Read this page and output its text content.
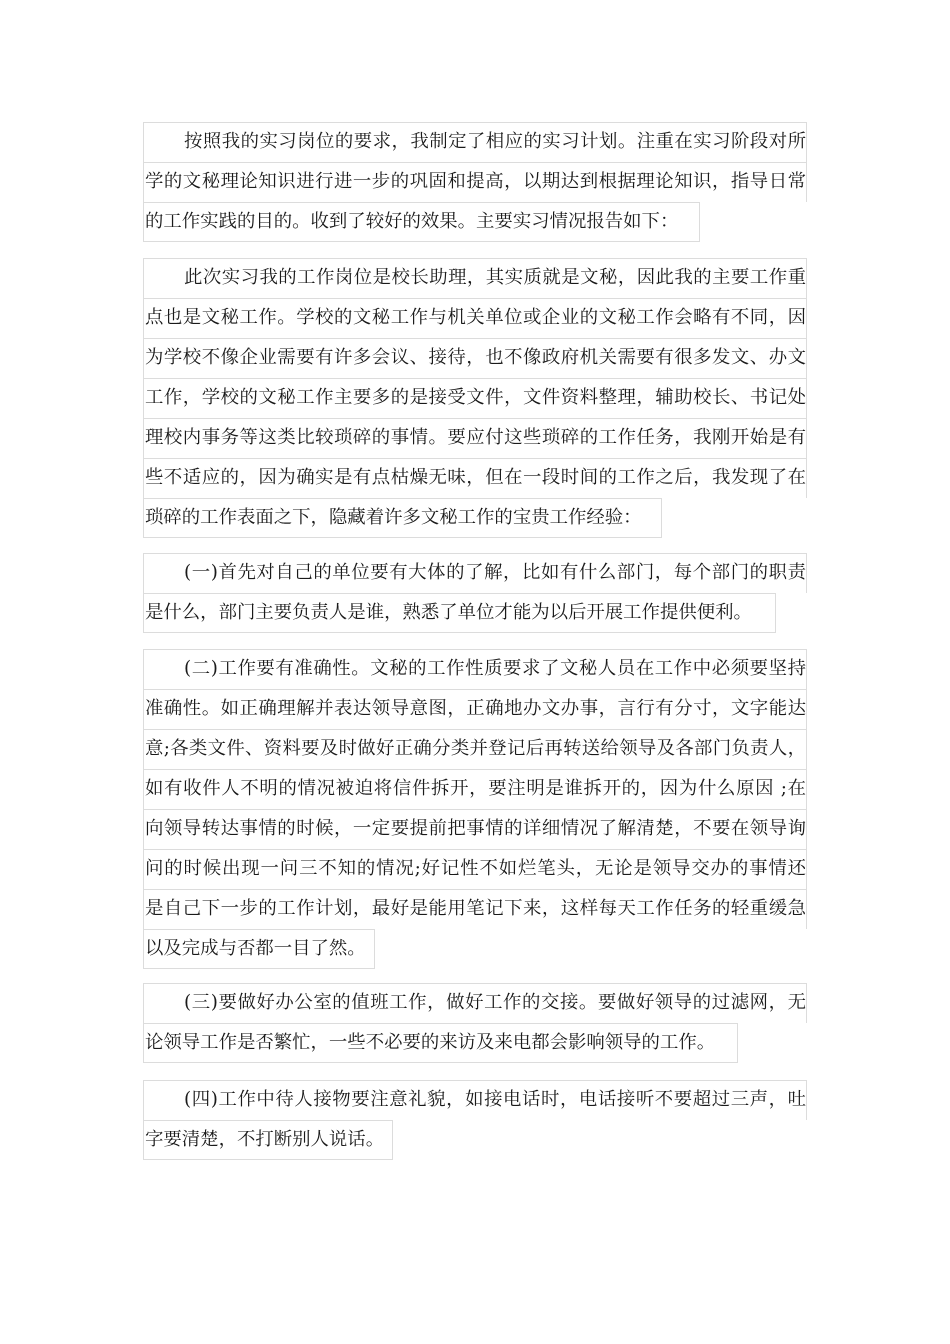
按照我的实习岗位的要求，我制定了相应的实习计划。注重在实习阶段对所
学的文秘理论知识进行进一步的巩固和提高，以期达到根据理论知识，指导日常
的工作实践的目的。收到了较好的效果。主要实习情况报告如下：
此次实习我的工作岗位是校长助理，其实质就是文秘，因此我的主要工作重
点也是文秘工作。学校的文秘工作与机关单位或企业的文秘工作会略有不同，因
为学校不像企业需要有许多会议、接待，也不像政府机关需要有很多发文、办文
工作，学校的文秘工作主要多的是接受文件，文件资料整理，辅助校长、书记处
理校内事务等这类比较琐碎的事情。要应付这些琐碎的工作任务，我刚开始是有
些不适应的，因为确实是有点枯燥无味，但在一段时间的工作之后，我发现了在
琐碎的工作表面之下，隐藏着许多文秘工作的宝贵工作经验：
(一)首先对自己的单位要有大体的了解，比如有什么部门，每个部门的职责
是什么，部门主要负责人是谁，熟悉了单位才能为以后开展工作提供便利。
(二)工作要有准确性。文秘的工作性质要求了文秘人员在工作中必须要坚持
准确性。如正确理解并表达领导意图，正确地办文办事，言行有分寸，文字能达
意;各类文件、资料要及时做好正确分类并登记后再转送给领导及各部门负责人，
如有收件人不明的情况被迫将信件拆开，要注明是谁拆开的，因为什么原因 ;在
向领导转达事情的时候，一定要提前把事情的详细情况了解清楚，不要在领导询
问的时候出现一问三不知的情况;好记性不如烂笔头，无论是领导交办的事情还
是自己下一步的工作计划，最好是能用笔记下来，这样每天工作任务的轻重缓急
以及完成与否都一目了然。
(三)要做好办公室的值班工作，做好工作的交接。要做好领导的过滤网，无
论领导工作是否繁忙，一些不必要的来访及来电都会影响领导的工作。
(四)工作中待人接物要注意礼貌，如接电话时，电话接听不要超过三声，吐
字要清楚，不打断别人说话。
